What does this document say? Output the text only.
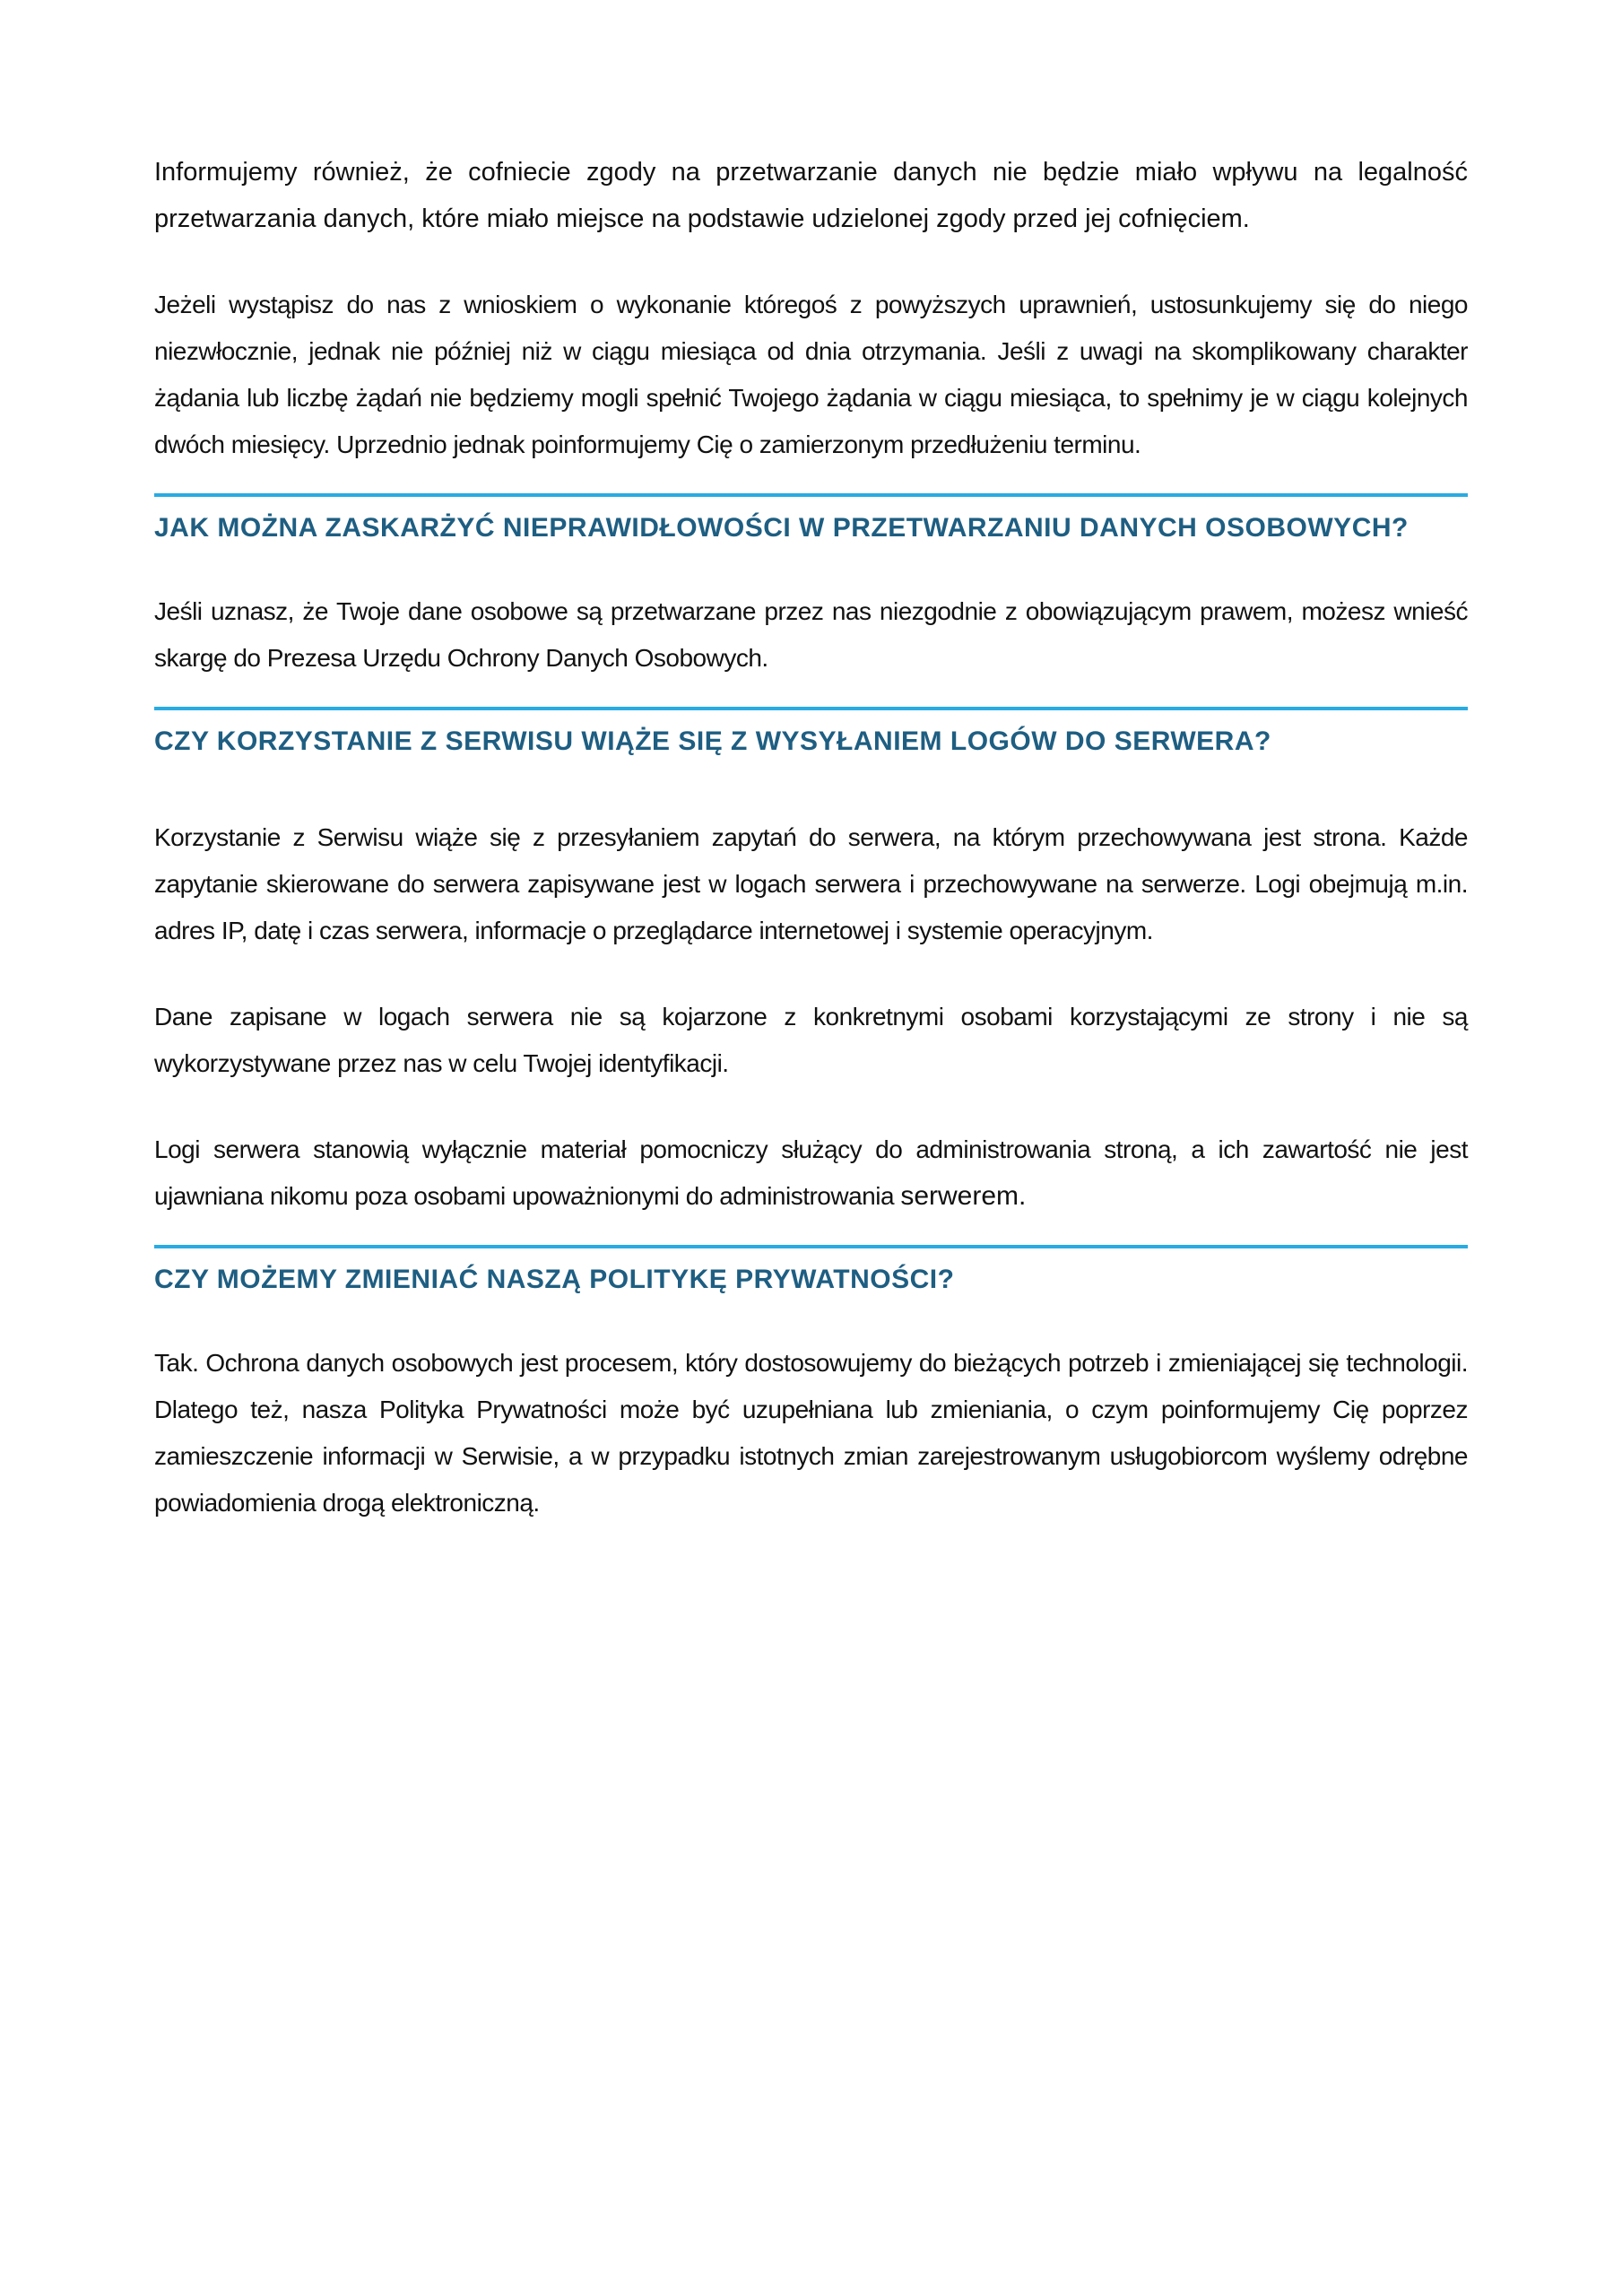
Informujemy również, że cofniecie zgody na przetwarzanie danych nie będzie miało wpływu na legalność przetwarzania danych, które miało miejsce na podstawie udzielonej zgody przed jej cofnięciem.

Jeżeli wystąpisz do nas z wnioskiem o wykonanie któregoś z powyższych uprawnień, ustosunkujemy się do niego niezwłocznie, jednak nie później niż w ciągu miesiąca od dnia otrzymania. Jeśli z uwagi na skomplikowany charakter żądania lub liczbę żądań nie będziemy mogli spełnić Twojego żądania w ciągu miesiąca, to spełnimy je w ciągu kolejnych dwóch miesięcy. Uprzednio jednak poinformujemy Cię o zamierzonym przedłużeniu terminu.

JAK MOŻNA ZASKARŻYĆ NIEPRAWIDŁOWOŚCI W PRZETWARZANIU DANYCH OSOBOWYCH?

Jeśli uznasz, że Twoje dane osobowe są przetwarzane przez nas niezgodnie z obowiązującym prawem, możesz wnieść skargę do Prezesa Urzędu Ochrony Danych Osobowych.

CZY KORZYSTANIE Z SERWISU WIĄŻE SIĘ Z WYSYŁANIEM LOGÓW DO SERWERA?

Korzystanie z Serwisu wiąże się z przesyłaniem zapytań do serwera, na którym przechowywana jest strona. Każde zapytanie skierowane do serwera zapisywane jest w logach serwera i przechowywane na serwerze. Logi obejmują m.in. adres IP, datę i czas serwera, informacje o przeglądarce internetowej i systemie operacyjnym.

Dane zapisane w logach serwera nie są kojarzone z konkretnymi osobami korzystającymi ze strony i nie są wykorzystywane przez nas w celu Twojej identyfikacji.

Logi serwera stanowią wyłącznie materiał pomocniczy służący do administrowania stroną, a ich zawartość nie jest ujawniana nikomu poza osobami upoważnionymi do administrowania serwerem.

CZY MOŻEMY ZMIENIAĆ NASZĄ POLITYKĘ PRYWATNOŚCI?

Tak. Ochrona danych osobowych jest procesem, który dostosowujemy do bieżących potrzeb i zmieniającej się technologii. Dlatego też, nasza Polityka Prywatności może być uzupełniana lub zmieniania, o czym poinformujemy Cię poprzez zamieszczenie informacji w Serwisie, a w przypadku istotnych zmian zarejestrowanym usługobiorcom wyślemy odrębne powiadomienia drogą elektroniczną.
